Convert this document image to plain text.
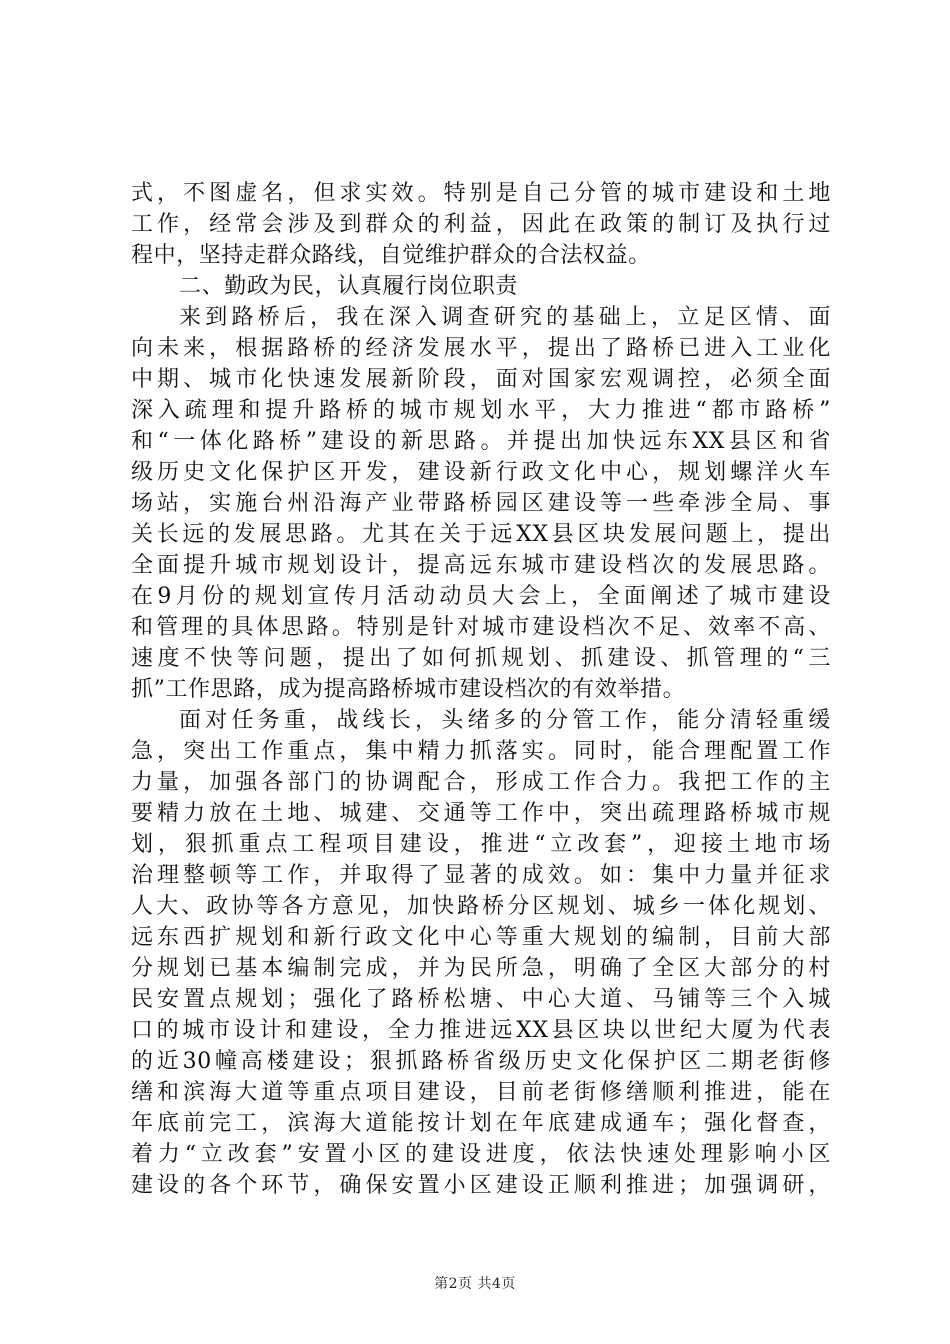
式，不图虚名，但求实效。特别是自己分管的城市建设和土地
工作，经常会涉及到群众的利益，因此在政策的制订及执行过
程中，坚持走群众路线，自觉维护群众的合法权益。
二、勤政为民，认真履行岗位职责
来到路桥后，我在深入调查研究的基础上，立足区情、面
向未来，根据路桥的经济发展水平，提出了路桥已进入工业化
中期、城市化快速发展新阶段，面对国家宏观调控，必须全面
深入疏理和提升路桥的城市规划水平，大力推进“都市路桥”
和“一体化路桥”建设的新思路。并提出加快远东XX县区和省
级历史文化保护区开发，建设新行政文化中心，规划螺洋火车
场站，实施台州沿海产业带路桥园区建设等一些牵涉全局、事
关长远的发展思路。尤其在关于远XX县区块发展问题上，提出
全面提升城市规划设计，提高远东城市建设档次的发展思路。
在9月份的规划宣传月活动动员大会上，全面阐述了城市建设
和管理的具体思路。特别是针对城市建设档次不足、效率不高、
速度不快等问题，提出了如何抓规划、抓建设、抓管理的“三
抓”工作思路，成为提高路桥城市建设档次的有效举措。
面对任务重，战线长，头绪多的分管工作，能分清轻重缓
急，突出工作重点，集中精力抓落实。同时，能合理配置工作
力量，加强各部门的协调配合，形成工作合力。我把工作的主
要精力放在土地、城建、交通等工作中，突出疏理路桥城市规
划，狠抓重点工程项目建设，推进“立改套”，迎接土地市场
治理整顿等工作，并取得了显著的成效。如：集中力量并征求
人大、政协等各方意见，加快路桥分区规划、城乡一体化规划、
远东西扩规划和新行政文化中心等重大规划的编制，目前大部
分规划已基本编制完成，并为民所急，明确了全区大部分的村
民安置点规划；强化了路桥松塘、中心大道、马铺等三个入城
口的城市设计和建设，全力推进远XX县区块以世纪大厦为代表
的近30幢高楼建设；狠抓路桥省级历史文化保护区二期老街修
缮和滨海大道等重点项目建设，目前老街修缮顺利推进，能在
年底前完工，滨海大道能按计划在年底建成通车；强化督查，
着力“立改套”安置小区的建设进度，依法快速处理影响小区
建设的各个环节，确保安置小区建设正顺利推进；加强调研，
第2页 共4页
